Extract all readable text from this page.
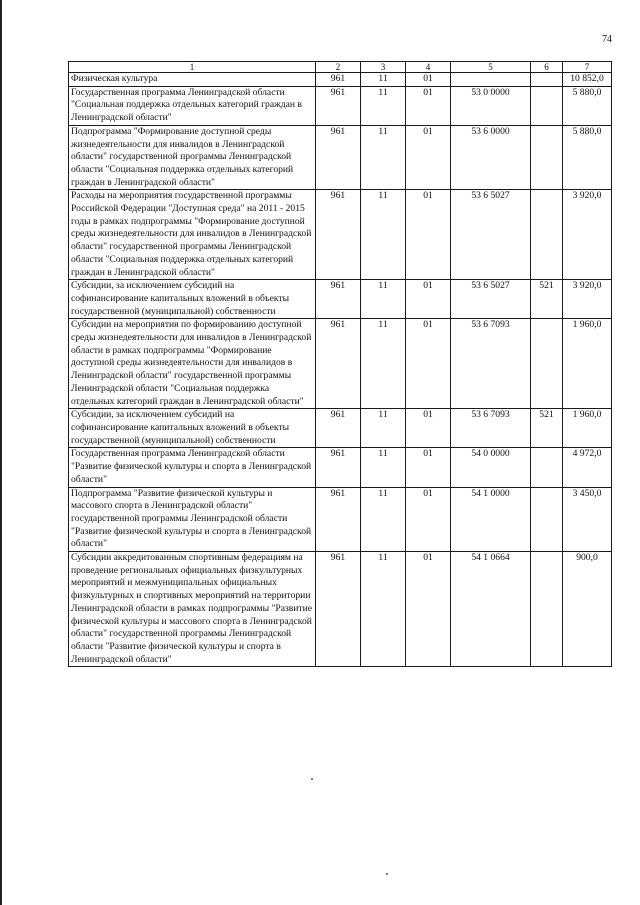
74
1	2	3	4	5	6	7
Физическая культура	961	11	01			10 852,0
Государственная программа Ленинградской области "Социальная поддержка отдельных категорий граждан в Ленинградской области"	961	11	01	53 0 0000		5 880,0
Подпрограмма "Формирование доступной среды жизнедеятельности для инвалидов в Ленинградской области" государственной программы Ленинградской области "Социальная поддержка отдельных категорий граждан в Ленинградской области"	961	11	01	53 6 0000		5 880,0
Расходы на мероприятия государственной программы Российской Федерации "Доступная среда" на 2011 - 2015 годы в рамках подпрограммы "Формирование доступной среды жизнедеятельности для инвалидов в Ленинградской области" государственной программы Ленинградской области "Социальная поддержка отдельных категорий граждан в Ленинградской области"	961	11	01	53 6 5027		3 920,0
Субсидии, за исключением субсидий на софинансирование капитальных вложений в объекты государственной (муниципальной) собственности	961	11	01	53 6 5027	521	3 920,0
Субсидии на мероприятия по формированию доступной среды жизнедеятельности для инвалидов в Ленинградской области в рамках подпрограммы "Формирование доступной среды жизнедеятельности для инвалидов в Ленинградской области" государственной программы Ленинградской области "Социальная поддержка отдельных категорий граждан в Ленинградской области"	961	11	01	53 6 7093		1 960,0
Субсидии, за исключением субсидий на софинансирование капитальных вложений в объекты государственной (муниципальной) собственности	961	11	01	53 6 7093	521	1 960,0
Государственная программа Ленинградской области "Развитие физической культуры и спорта в Ленинградской области"	961	11	01	54 0 0000		4 972,0
Подпрограмма "Развитие физической культуры и массового спорта в Ленинградской области" государственной программы Ленинградской области "Развитие физической культуры и спорта в Ленинградской области"	961	11	01	54 1 0000		3 450,0
Субсидии аккредитованным спортивным федерациям на проведение региональных официальных физкультурных мероприятий и межмуниципальных официальных физкультурных и спортивных мероприятий на территории Ленинградской области в рамках подпрограммы "Развитие физической культуры и массового спорта в Ленинградской области" государственной программы Ленинградской области "Развитие физической культуры и спорта в Ленинградской области"	961	11	01	54 1 0664		900,0
